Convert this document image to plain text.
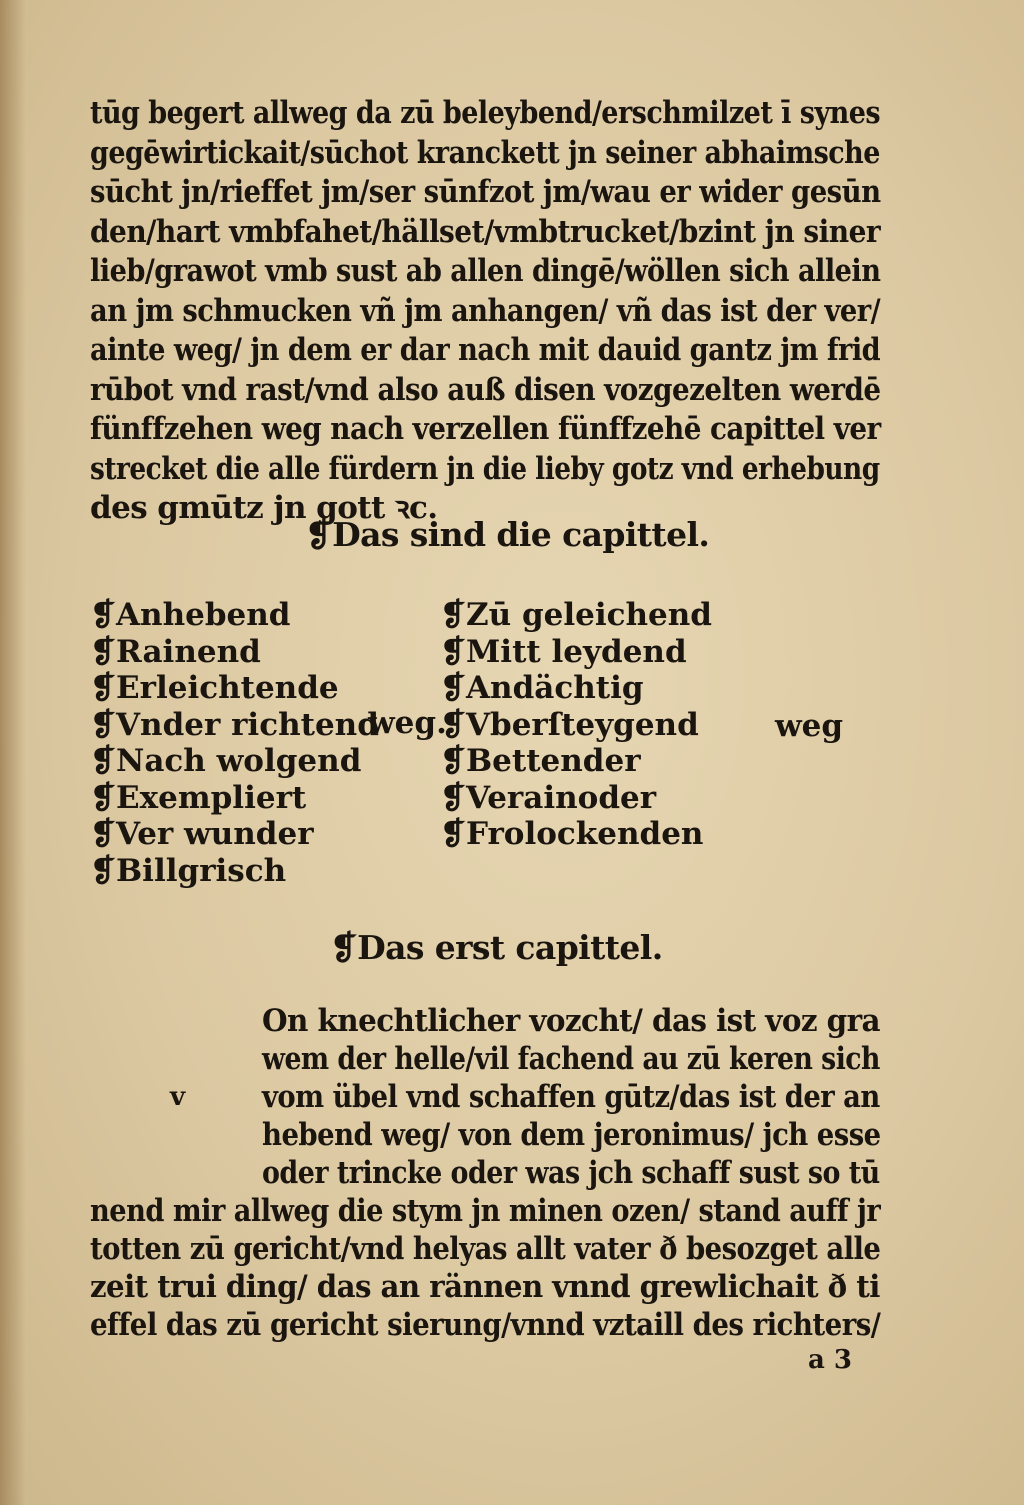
tūg begert allweg da zū beleybend/erschmilzet ī synes
gegēwirtickait/sūchot kranckett jn seiner abhaimsche
sūcht jn/rieffet jm/ser sūnfzot jm/wau er wider gesūn
den/hart vmbfahet/hällset/vmbtrucket/bzint jn siner
lieb/grawot vmb sust ab allen dingē/wöllen sich allein
an jm schmucken vñ jm anhangen/ vñ das ist der ver/
ainte weg/ jn dem er dar nach mit dauid gantz jm frid
rūbot vnd rast/vnd also auß disen vozgezelten werdē
fünffzehen weg nach verzellen fünffzehē capittel ver
strecket die alle fürdern jn die lieby gotz vnd erhebung
des gmūtz jn gott ꝛc.
❡Das sind die capittel.
❡Anhebend
❡Rainend
❡Erleichtende
❡Vnder richtend
❡Nach wolgend
❡Exempliert
❡Ver wunder
❡Billgrisch
❡Zū geleichend
❡Mitt leydend
❡Andächtig
❡Vberſteygend
❡Bettender
❡Verainoder
❡Frolockenden
weg.	weg
❡Das erst capittel.
On knechtlicher vozcht/ das ist voz gra
wem der helle/vil fachend au zū keren sich
vom übel vnd schaffen gūtz/das ist der an
hebend weg/ von dem jeronimus/ jch esse
oder trincke oder was jch schaff sust so tū
nend mir allweg die stym jn minen ozen/ stand auff jr
totten zū gericht/vnd helyas allt vater ð besozget alle
zeit trui ding/ das an rännen vnnd grewlichait ð ti
effel das zū gericht sierung/vnnd vztaill des richters/
v
a 3
